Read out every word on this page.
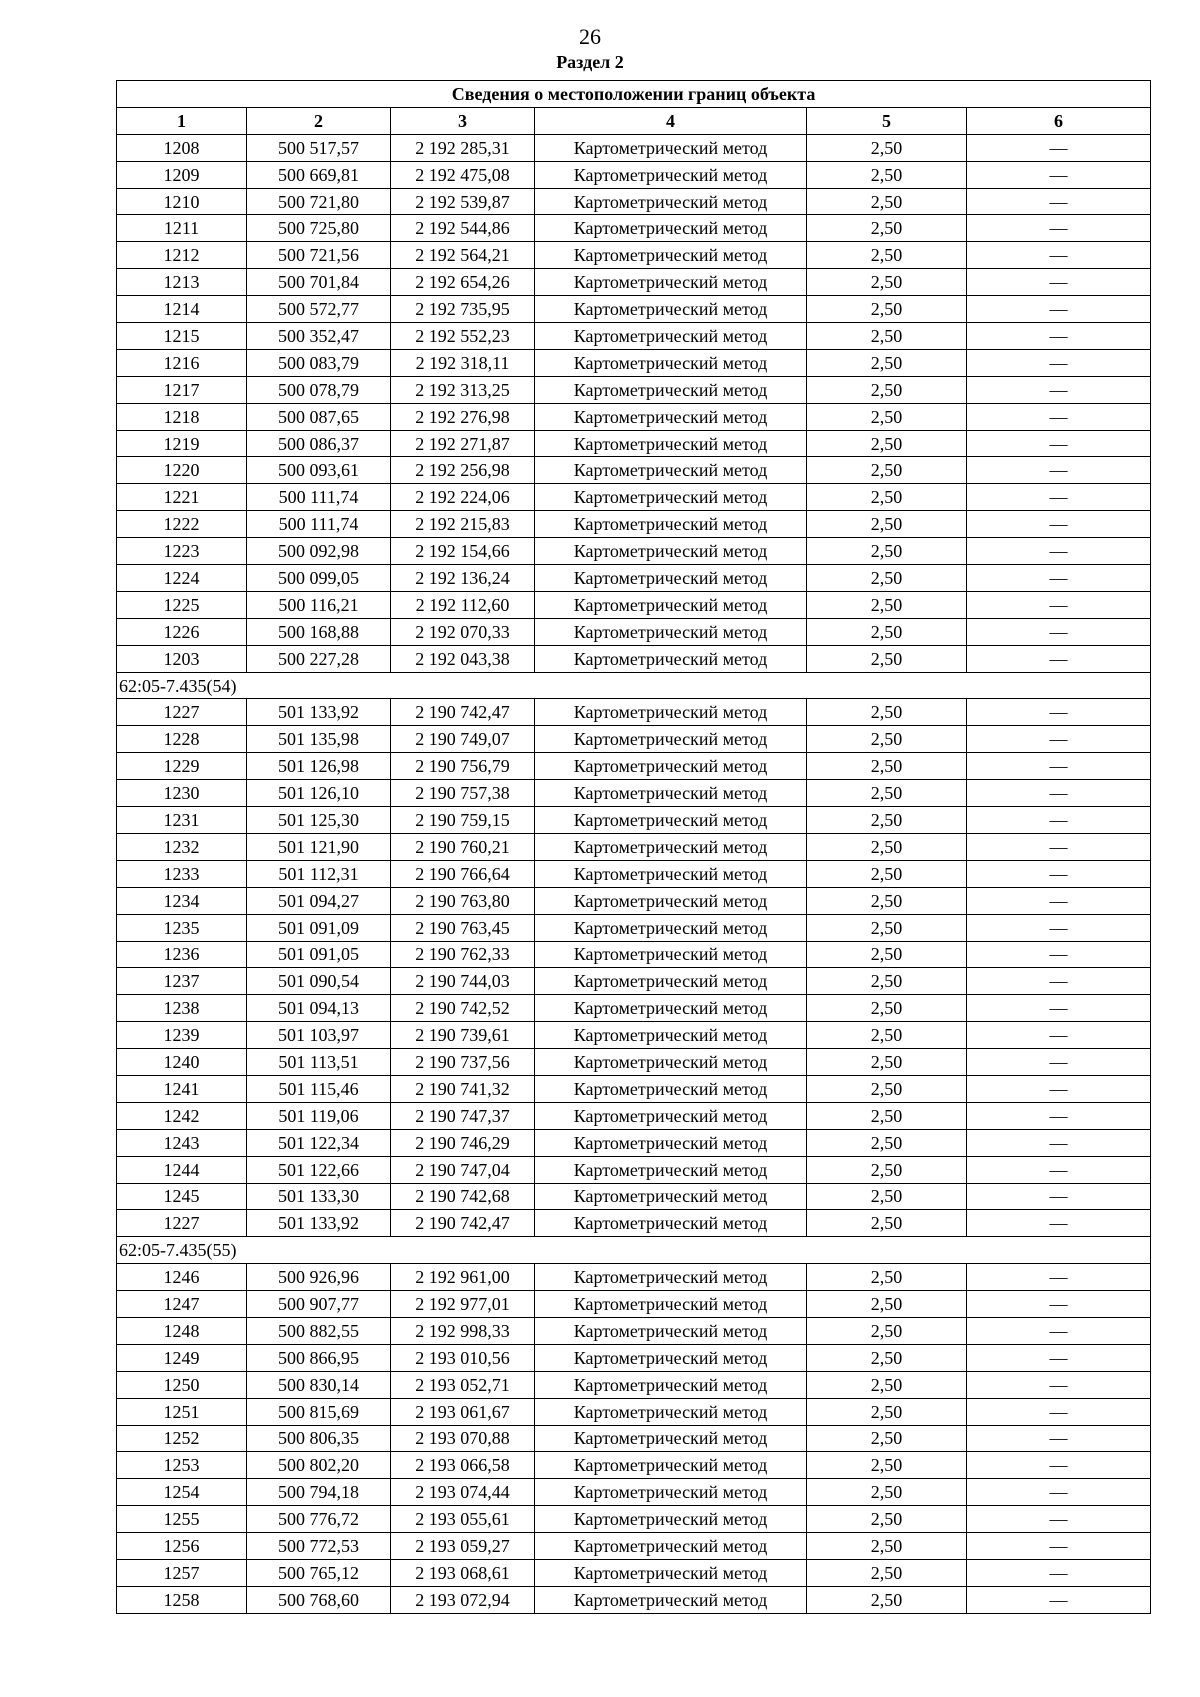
26
Раздел 2
Сведения о местоположении границ объекта					
1	2	3	4	5	6
1208	500 517,57	2 192 285,31	Картометрический метод	2,50	—
1209	500 669,81	2 192 475,08	Картометрический метод	2,50	—
1210	500 721,80	2 192 539,87	Картометрический метод	2,50	—
1211	500 725,80	2 192 544,86	Картометрический метод	2,50	—
1212	500 721,56	2 192 564,21	Картометрический метод	2,50	—
1213	500 701,84	2 192 654,26	Картометрический метод	2,50	—
1214	500 572,77	2 192 735,95	Картометрический метод	2,50	—
1215	500 352,47	2 192 552,23	Картометрический метод	2,50	—
1216	500 083,79	2 192 318,11	Картометрический метод	2,50	—
1217	500 078,79	2 192 313,25	Картометрический метод	2,50	—
1218	500 087,65	2 192 276,98	Картометрический метод	2,50	—
1219	500 086,37	2 192 271,87	Картометрический метод	2,50	—
1220	500 093,61	2 192 256,98	Картометрический метод	2,50	—
1221	500 111,74	2 192 224,06	Картометрический метод	2,50	—
1222	500 111,74	2 192 215,83	Картометрический метод	2,50	—
1223	500 092,98	2 192 154,66	Картометрический метод	2,50	—
1224	500 099,05	2 192 136,24	Картометрический метод	2,50	—
1225	500 116,21	2 192 112,60	Картометрический метод	2,50	—
1226	500 168,88	2 192 070,33	Картометрический метод	2,50	—
1203	500 227,28	2 192 043,38	Картометрический метод	2,50	—
62:05-7.435(54)					
1227	501 133,92	2 190 742,47	Картометрический метод	2,50	—
1228	501 135,98	2 190 749,07	Картометрический метод	2,50	—
1229	501 126,98	2 190 756,79	Картометрический метод	2,50	—
1230	501 126,10	2 190 757,38	Картометрический метод	2,50	—
1231	501 125,30	2 190 759,15	Картометрический метод	2,50	—
1232	501 121,90	2 190 760,21	Картометрический метод	2,50	—
1233	501 112,31	2 190 766,64	Картометрический метод	2,50	—
1234	501 094,27	2 190 763,80	Картометрический метод	2,50	—
1235	501 091,09	2 190 763,45	Картометрический метод	2,50	—
1236	501 091,05	2 190 762,33	Картометрический метод	2,50	—
1237	501 090,54	2 190 744,03	Картометрический метод	2,50	—
1238	501 094,13	2 190 742,52	Картометрический метод	2,50	—
1239	501 103,97	2 190 739,61	Картометрический метод	2,50	—
1240	501 113,51	2 190 737,56	Картометрический метод	2,50	—
1241	501 115,46	2 190 741,32	Картометрический метод	2,50	—
1242	501 119,06	2 190 747,37	Картометрический метод	2,50	—
1243	501 122,34	2 190 746,29	Картометрический метод	2,50	—
1244	501 122,66	2 190 747,04	Картометрический метод	2,50	—
1245	501 133,30	2 190 742,68	Картометрический метод	2,50	—
1227	501 133,92	2 190 742,47	Картометрический метод	2,50	—
62:05-7.435(55)					
1246	500 926,96	2 192 961,00	Картометрический метод	2,50	—
1247	500 907,77	2 192 977,01	Картометрический метод	2,50	—
1248	500 882,55	2 192 998,33	Картометрический метод	2,50	—
1249	500 866,95	2 193 010,56	Картометрический метод	2,50	—
1250	500 830,14	2 193 052,71	Картометрический метод	2,50	—
1251	500 815,69	2 193 061,67	Картометрический метод	2,50	—
1252	500 806,35	2 193 070,88	Картометрический метод	2,50	—
1253	500 802,20	2 193 066,58	Картометрический метод	2,50	—
1254	500 794,18	2 193 074,44	Картометрический метод	2,50	—
1255	500 776,72	2 193 055,61	Картометрический метод	2,50	—
1256	500 772,53	2 193 059,27	Картометрический метод	2,50	—
1257	500 765,12	2 193 068,61	Картометрический метод	2,50	—
1258	500 768,60	2 193 072,94	Картометрический метод	2,50	—
